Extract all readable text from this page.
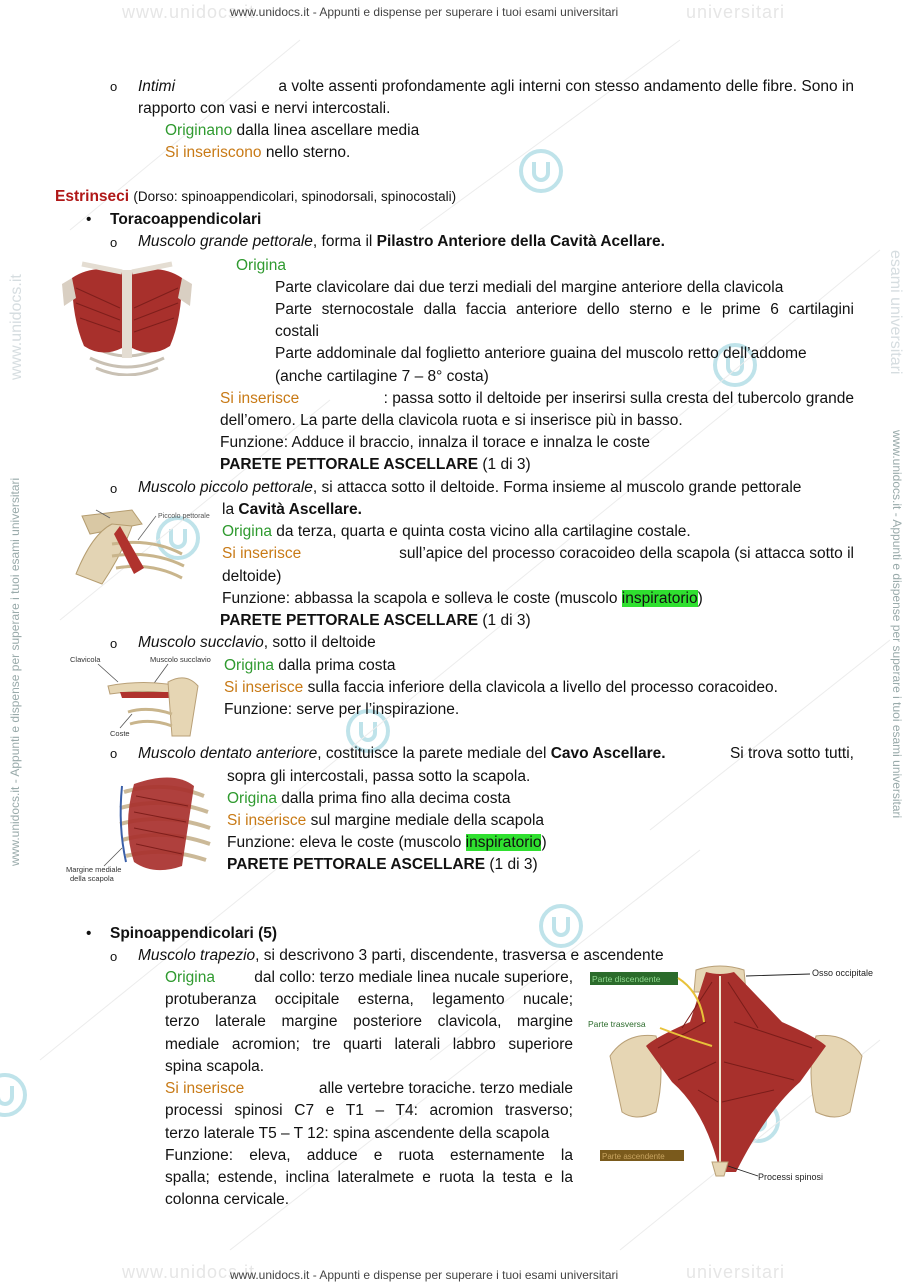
www.unidocs.it	universitari
www.unidocs.it - Appunti e dispense per superare i tuoi esami universitari
www.unidocs.it - Appunti e dispense per superare i tuoi esami universitari
www.unidocs.it
www.unidocs.it - Appunti e dispense per superare i tuoi esami universitari
esami universitari
o Intimi	a volte assenti profondamente agli interni con stesso andamento delle fibre. Sono in
rapporto con vasi e nervi intercostali.
Originano dalla linea ascellare media
Si inseriscono nello sterno.
Estrinseci (Dorso: spinoappendicolari, spinodorsali, spinocostali)
• Toracoappendicolari
o Muscolo grande pettorale, forma il Pilastro Anteriore della Cavità Acellare.
Origina
Parte clavicolare dai due terzi mediali del margine anteriore della clavicola
Parte sternocostale dalla faccia anteriore dello sterno e le prime 6 cartilagini
costali
Parte addominale dal foglietto anteriore guaina del muscolo retto dell’addome
(anche cartilagine 7 – 8° costa)
Si inserisce	: passa sotto il deltoide per inserirsi sulla cresta del tubercolo grande
dell’omero. La parte della clavicola ruota e si inserisce più in basso.
Funzione: Adduce il braccio, innalza il torace e innalza le coste
PARETE PETTORALE ASCELLARE (1 di 3)
o Muscolo piccolo pettorale, si attacca sotto il deltoide. Forma insieme al muscolo grande pettorale
la Cavità Ascellare.
Piccolo pettorale
Origina da terza, quarta e quinta costa vicino alla cartilagine costale.
Si inserisce	sull’apice del processo coracoideo della scapola (si attacca sotto il
deltoide)
Funzione: abbassa la scapola e solleva le coste (muscolo inspiratorio)
PARETE PETTORALE ASCELLARE (1 di 3)
o Muscolo succlavio, sotto il deltoide
Clavicola	Muscolo succlavio
Coste
Origina dalla prima costa
Si inserisce sulla faccia inferiore della clavicola a livello del processo coracoideo.
Funzione: serve per l’inspirazione.
o Muscolo dentato anteriore, costituisce la parete mediale del Cavo Ascellare.	Si trova sotto tutti,
sopra gli intercostali, passa sotto la scapola.
Margine mediale
della scapola
Origina dalla prima fino alla decima costa
Si inserisce sul margine mediale della scapola
Funzione: eleva le coste (muscolo inspiratorio)
PARETE PETTORALE ASCELLARE (1 di 3)
• Spinoappendicolari (5)
o Muscolo trapezio, si descrivono 3 parti, discendente, trasversa e ascendente
Origina	dal collo: terzo mediale linea nucale superiore,
protuberanza occipitale esterna, legamento nucale;
terzo laterale margine posteriore clavicola, margine
mediale acromion; tre quarti laterali labbro superiore
spina scapola.
Si inserisce	alle vertebre toraciche. terzo mediale
processi spinosi C7 e T1 – T4: acromion trasverso;
terzo laterale T5 – T 12: spina ascendente della scapola
Funzione: eleva, adduce e ruota esternamente la
spalla; estende, inclina lateralmete e ruota la testa e la
colonna cervicale.
Parte discendente
Parte trasversa
Parte ascendente
Osso occipitale
Processi spinosi
www.unidocs.it	universitari
www.unidocs.it - Appunti e dispense per superare i tuoi esami universitari
